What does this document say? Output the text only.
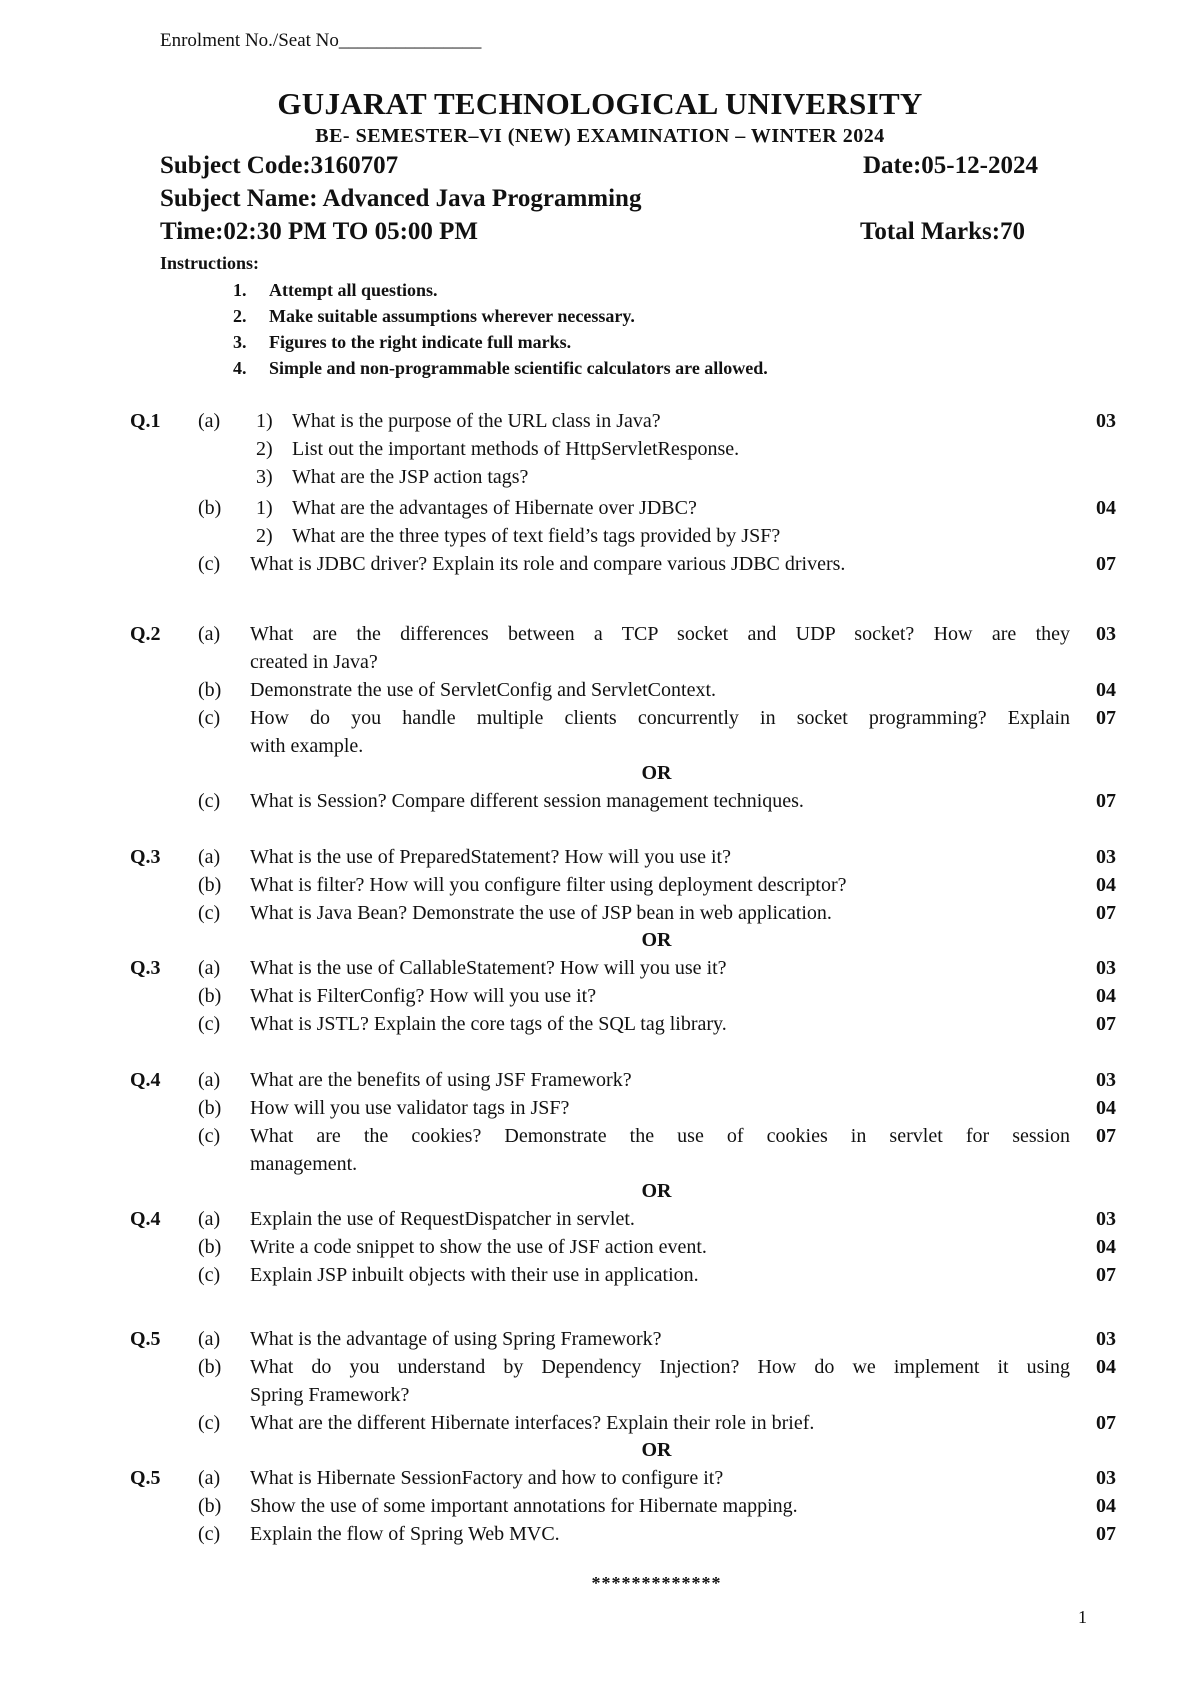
Enrolment No./Seat No_______________
GUJARAT TECHNOLOGICAL UNIVERSITY
BE- SEMESTER–VI (NEW) EXAMINATION – WINTER 2024
Subject Code:3160707	Date:05-12-2024
Subject Name: Advanced Java Programming
Time:02:30 PM TO 05:00 PM	Total Marks:70
Instructions:
1. Attempt all questions.
2. Make suitable assumptions wherever necessary.
3. Figures to the right indicate full marks.
4. Simple and non-programmable scientific calculators are allowed.
Q.1 (a) 1) What is the purpose of the URL class in Java?	03
2) List out the important methods of HttpServletResponse.
3) What are the JSP action tags?
(b) 1) What are the advantages of Hibernate over JDBC?	04
2) What are the three types of text field’s tags provided by JSF?
(c) What is JDBC driver? Explain its role and compare various JDBC drivers.	07
Q.2 (a) What are the differences between a TCP socket and UDP socket? How are they 03
created in Java?
(b) Demonstrate the use of ServletConfig and ServletContext.	04
(c) How do you handle multiple clients concurrently in socket programming? Explain 07
with example.
OR
(c) What is Session? Compare different session management techniques.	07
Q.3 (a) What is the use of PreparedStatement? How will you use it?	03
(b) What is filter? How will you configure filter using deployment descriptor?	04
(c) What is Java Bean? Demonstrate the use of JSP bean in web application.	07
OR
Q.3 (a) What is the use of CallableStatement? How will you use it?	03
(b) What is FilterConfig? How will you use it?	04
(c) What is JSTL? Explain the core tags of the SQL tag library.	07
Q.4 (a) What are the benefits of using JSF Framework?	03
(b) How will you use validator tags in JSF?	04
(c) What are the cookies? Demonstrate the use of cookies in servlet for session 07
management.
OR
Q.4 (a) Explain the use of RequestDispatcher in servlet.	03
(b) Write a code snippet to show the use of JSF action event.	04
(c) Explain JSP inbuilt objects with their use in application.	07
Q.5 (a) What is the advantage of using Spring Framework?	03
(b) What do you understand by Dependency Injection? How do we implement it using 04
Spring Framework?
(c) What are the different Hibernate interfaces? Explain their role in brief.	07
OR
Q.5 (a) What is Hibernate SessionFactory and how to configure it?	03
(b) Show the use of some important annotations for Hibernate mapping.	04
(c) Explain the flow of Spring Web MVC.	07
*************
1
